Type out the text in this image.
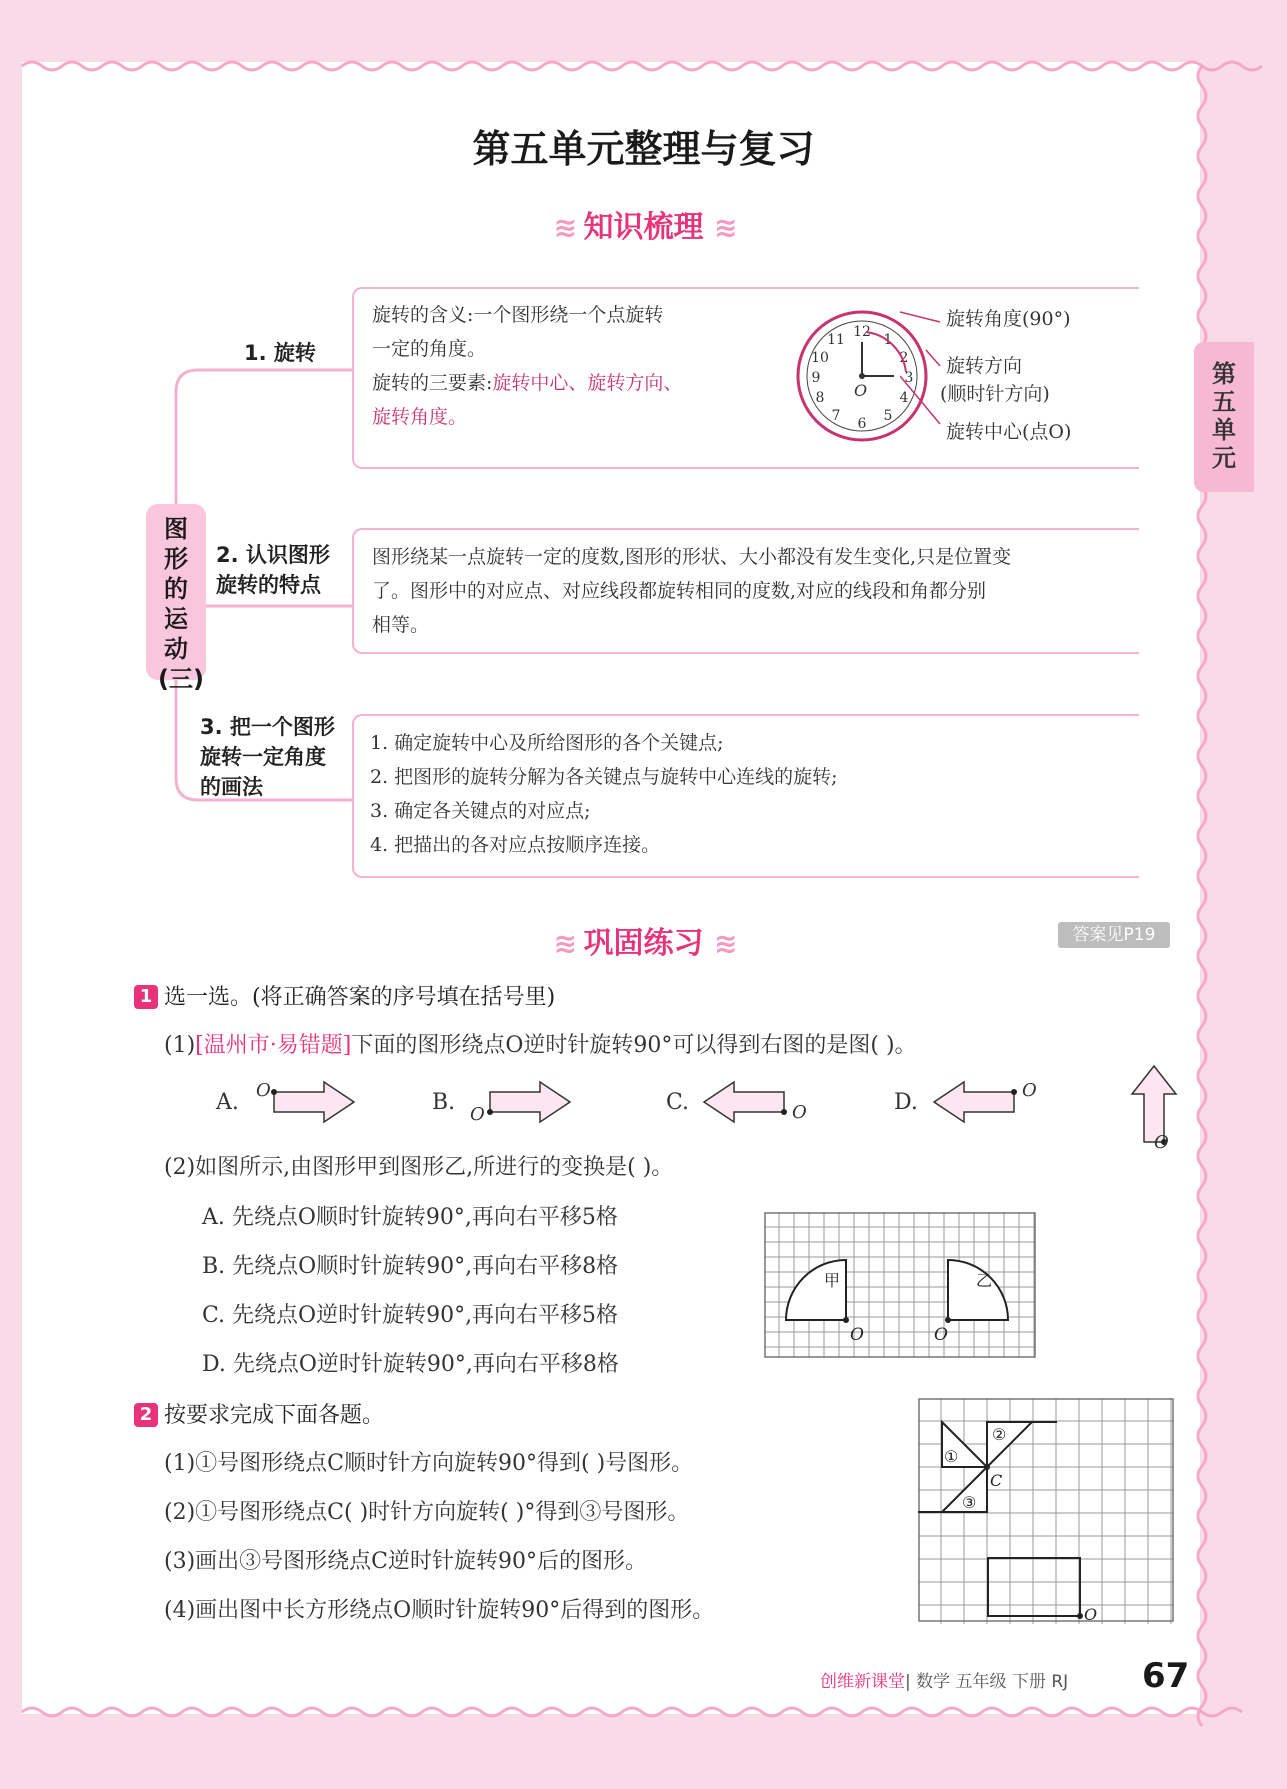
第五单元整理与复习
≋ 知识梳理 ≋
第五单元
图形的运动(三)
1. 旋转
旋转的含义:一个图形绕一个点旋转
一定的角度。
旋转的三要素:旋转中心、旋转方向、
旋转角度。
12 1
2
3
4
5
6
7
8
9
10
11
O
旋转角度(90°)
旋转方向
(顺时针方向)
旋转中心(点O)
2. 认识图形
旋转的特点
图形绕某一点旋转一定的度数,图形的形状、大小都没有发生变化,只是位置变
了。图形中的对应点、对应线段都旋转相同的度数,对应的线段和角都分别
相等。
3. 把一个图形
旋转一定角度
的画法
1. 确定旋转中心及所给图形的各个关键点;
2. 把图形的旋转分解为各关键点与旋转中心连线的旋转;
3. 确定各关键点的对应点;
4. 把描出的各对应点按顺序连接。
≋ 巩固练习 ≋	答案见P19
1 选一选。(将正确答案的序号填在括号里)
(1)[温州市·易错题]下面的图形绕点O逆时针旋转90°可以得到右图的是图( )。
A.	B.	C.	D.
O
O	O
O
O
(2)如图所示,由图形甲到图形乙,所进行的变换是( )。
A. 先绕点O顺时针旋转90°,再向右平移5格
B. 先绕点O顺时针旋转90°,再向右平移8格
C. 先绕点O逆时针旋转90°,再向右平移5格
D. 先绕点O逆时针旋转90°,再向右平移8格
甲	乙
O	O
2 按要求完成下面各题。
(1)①号图形绕点C顺时针方向旋转90°得到( )号图形。
(2)①号图形绕点C( )时针方向旋转( )°得到③号图形。
(3)画出③号图形绕点C逆时针旋转90°后的图形。
(4)画出图中长方形绕点O顺时针旋转90°后得到的图形。
①
②
③
C
O
创维新课堂| 数学 五年级 下册 RJ 67
